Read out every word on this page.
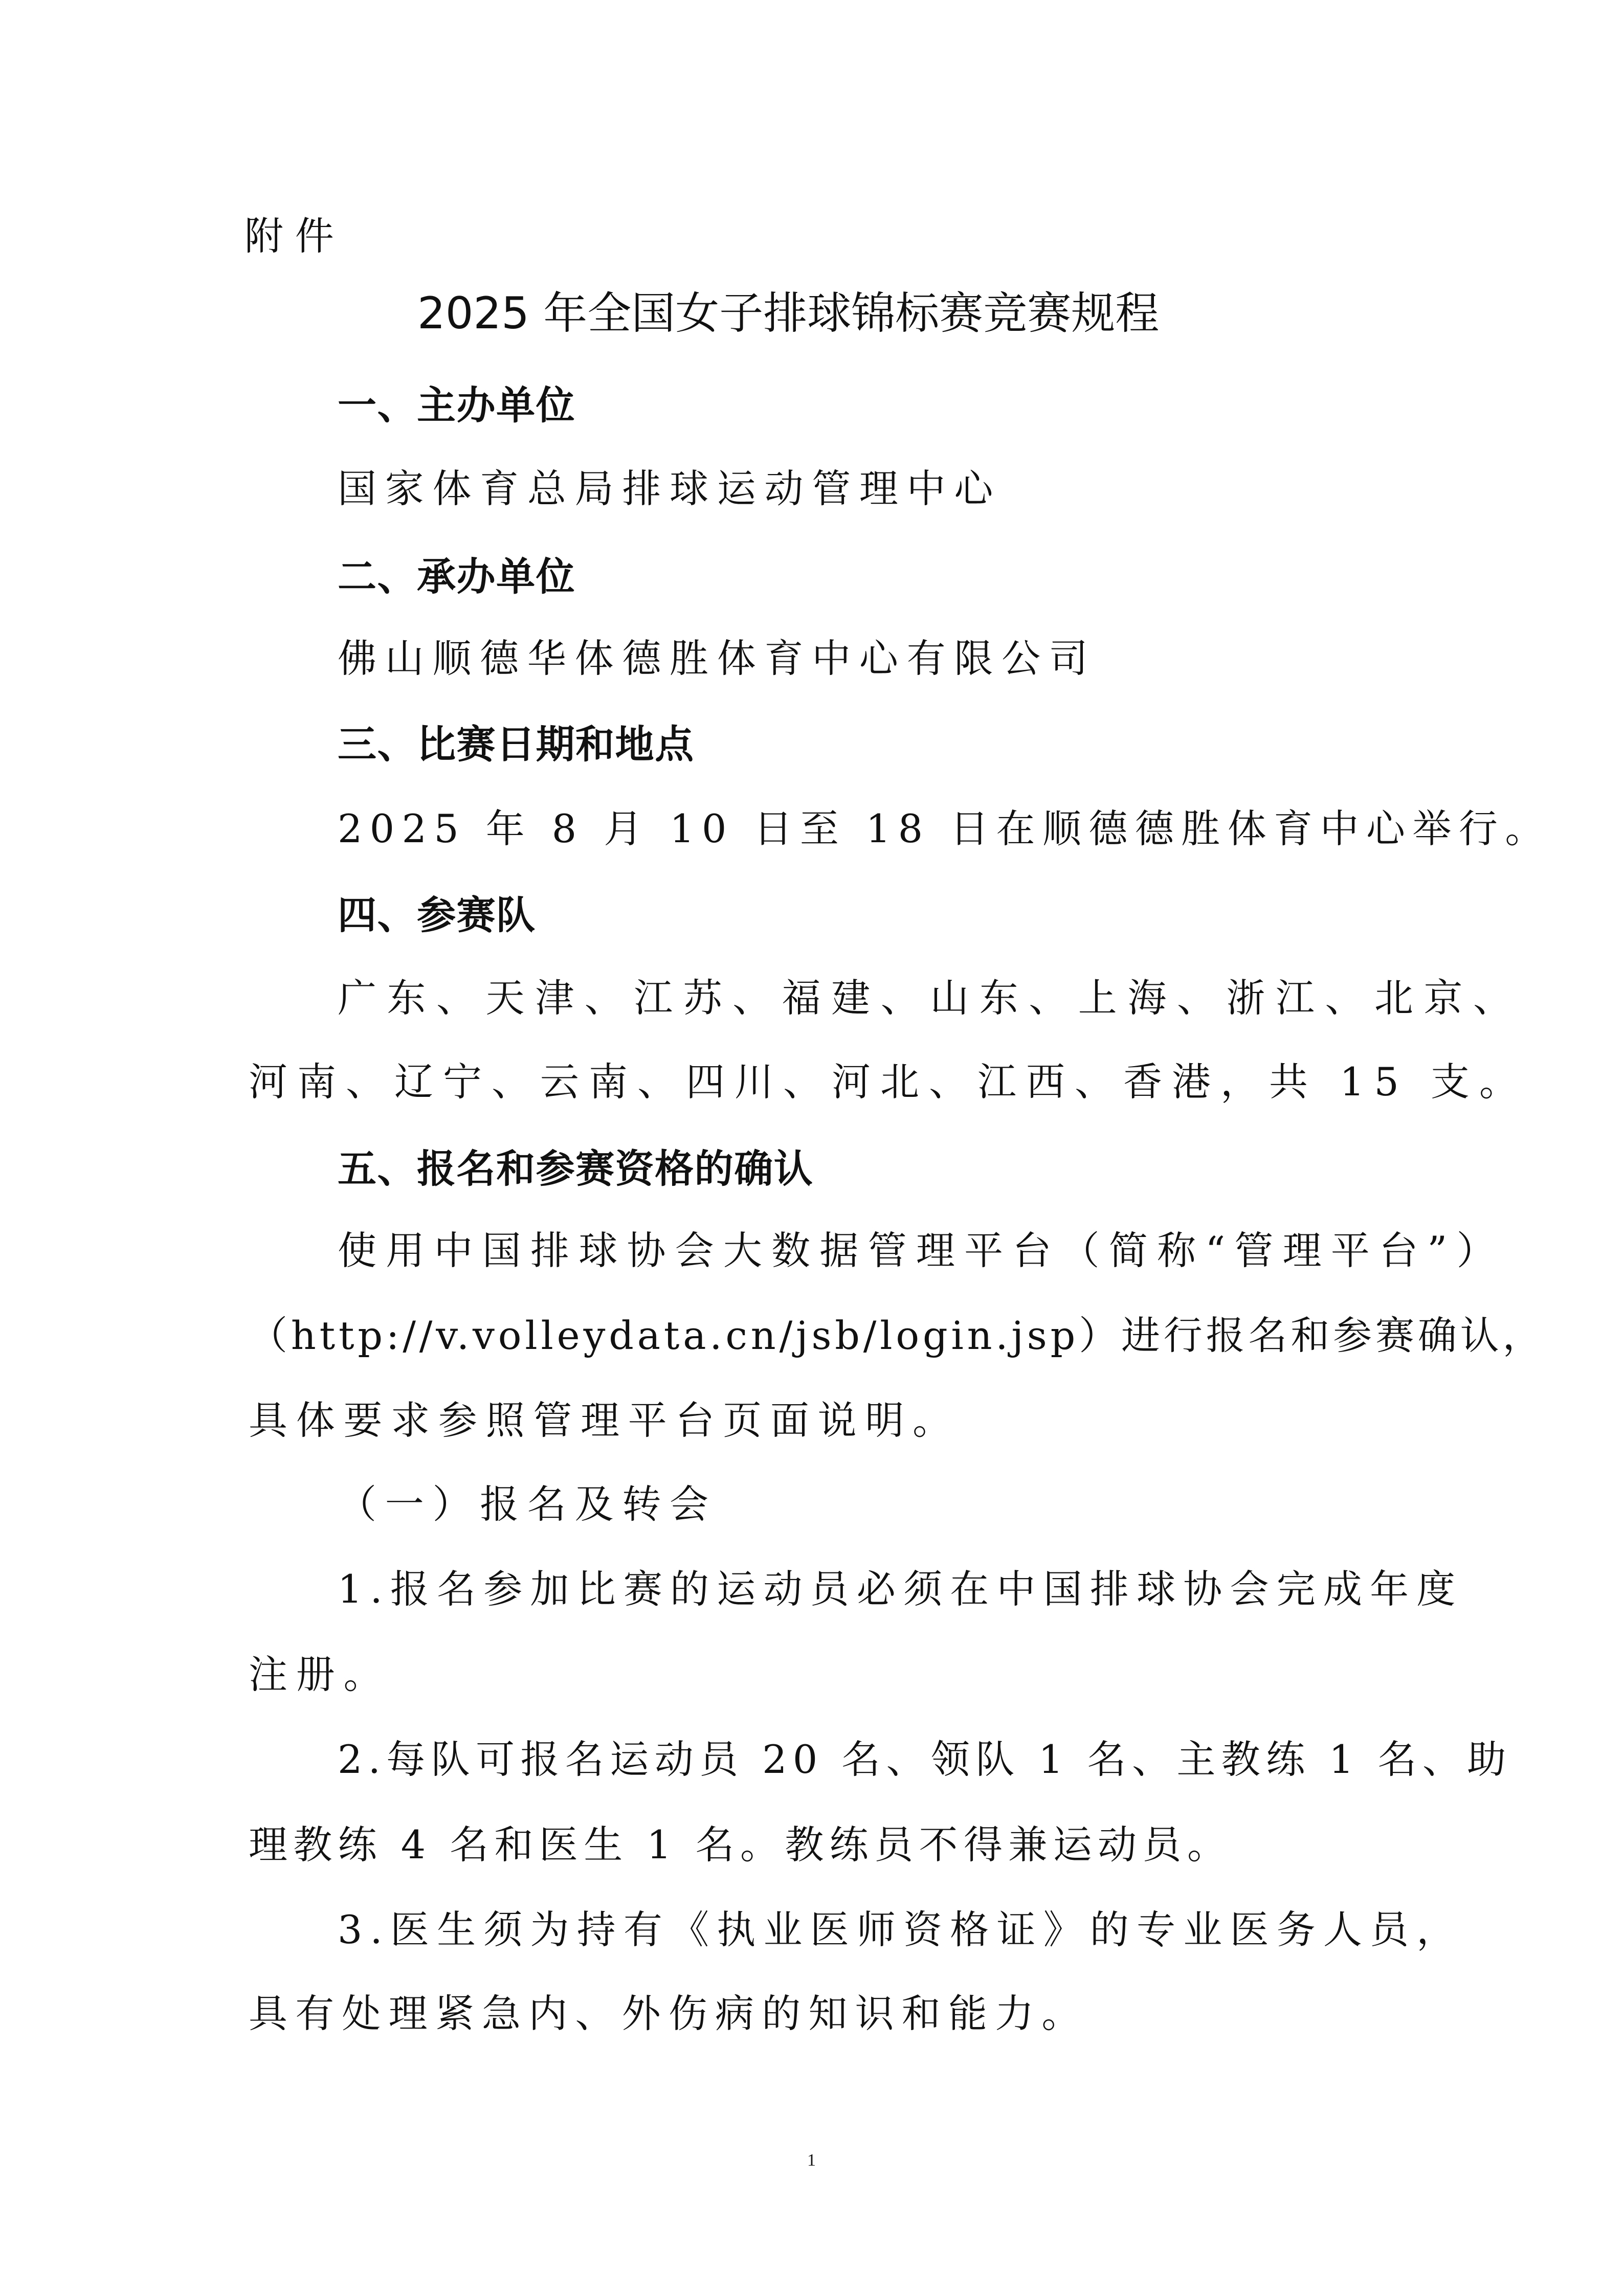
附件

2025 年全国女子排球锦标赛竞赛规程
一、主办单位

国家体育总局排球运动管理中心

二、承办单位

佛山顺德华体德胜体育中心有限公司

三、比赛日期和地点

2025 年 8 月 10 日至 18 日在顺德德胜体育中心举行。

四、参赛队

广东、天津、江苏、福建、山东、上海、浙江、北京、

河南、辽宁、云南、四川、河北、江西、香港，共 15 支。

五、报名和参赛资格的确认

使用中国排球协会大数据管理平台（简称“管理平台”）

（http://v.volleydata.cn/jsb/login.jsp）进行报名和参赛确认，

具体要求参照管理平台页面说明。

（一）报名及转会

1.报名参加比赛的运动员必须在中国排球协会完成年度

注册。

2.每队可报名运动员 20 名、领队 1 名、主教练 1 名、助

理教练 4 名和医生 1 名。教练员不得兼运动员。

3.医生须为持有《执业医师资格证》的专业医务人员，

具有处理紧急内、外伤病的知识和能力。

1
